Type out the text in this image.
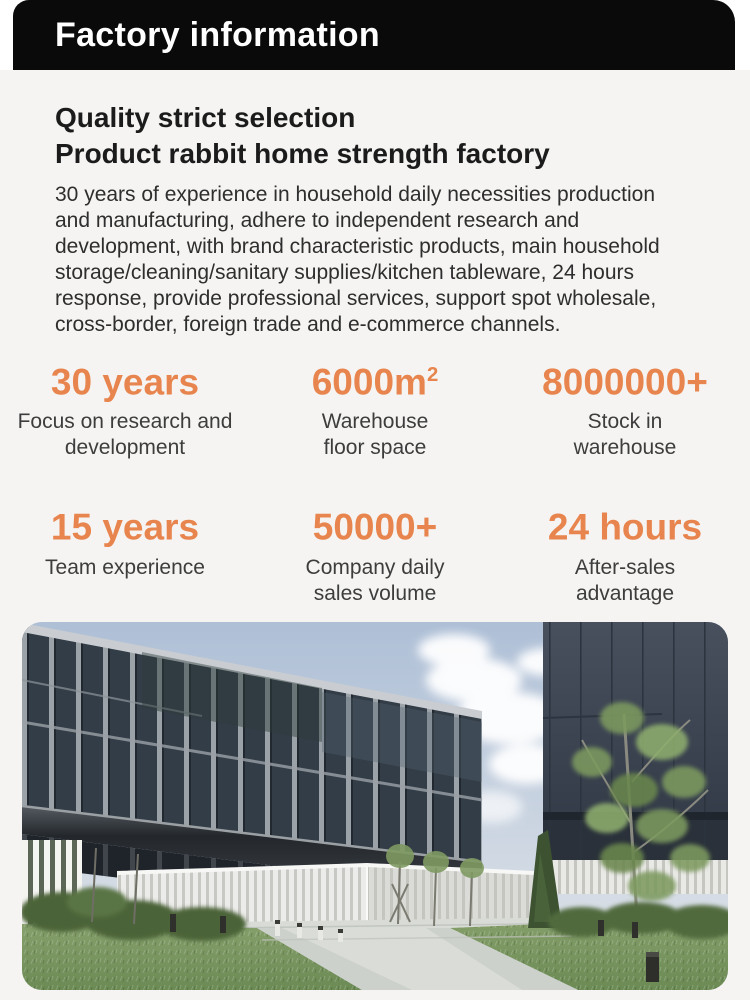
Factory information
Quality strict selection
Product rabbit home strength factory

30 years of experience in household daily necessities production and manufacturing, adhere to independent research and development, with brand characteristic products, main household storage/cleaning/sanitary supplies/kitchen tableware, 24 hours response, provide professional services, support spot wholesale, cross-border, foreign trade and e-commerce channels.

30 years
Focus on research and development
$6000m^2$
Warehouse floor space
8000000+
Stock in warehouse
15 years
Team experience
50000+
Company daily sales volume
24 hours
After-sales advantage
